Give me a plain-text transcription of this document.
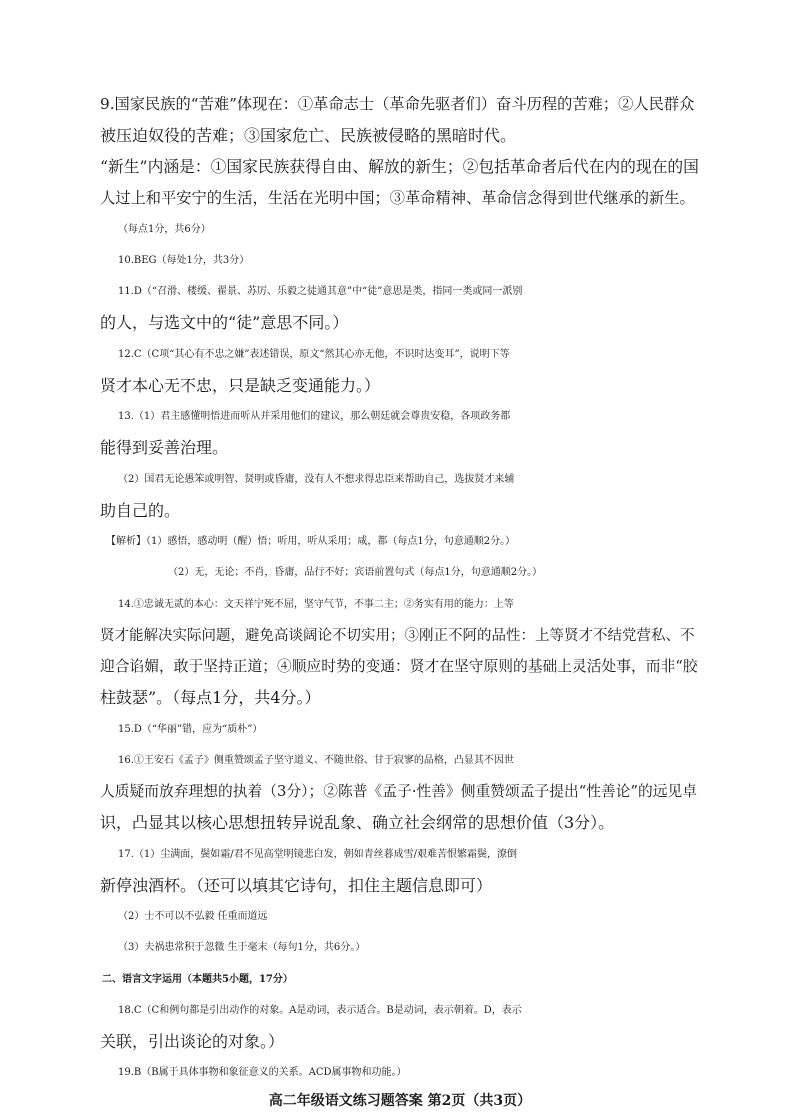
9.国家民族的“苦难”体现在：①革命志士（革命先驱者们）奋斗历程的苦难；②人民群众
被压迫奴役的苦难；③国家危亡、民族被侵略的黑暗时代。
“新生”内涵是：①国家民族获得自由、解放的新生；②包括革命者后代在内的现在的国
人过上和平安宁的生活，生活在光明中国；③革命精神、革命信念得到世代继承的新生。
（每点1分，共6分）
10.BEG（每处1分，共3分）
11.D（“召滑、楼缓、翟景、苏厉、乐毅之徒通其意”中“徒”意思是类，指同一类或同一派别
的人，与选文中的“徒”意思不同。）
12.C（C项“其心有不忠之嫌”表述错误，原文“然其心亦无他，不识时达变耳”，说明下等
贤才本心无不忠，只是缺乏变通能力。）
13.（1）君主感懂明悟进而听从并采用他们的建议，那么朝廷就会尊贵安稳，各项政务都
能得到妥善治理。
（2）国君无论愚笨或明智、贤明或昏庸，没有人不想求得忠臣来帮助自己，选拔贤才来辅
助自己的。
【解析】（1）感悟，感动明（醒）悟；听用，听从采用；咸，都（每点1分，句意通顺2分。）
（2）无，无论；不肖，昏庸，品行不好；宾语前置句式（每点1分，句意通顺2分。）
14.①忠诚无贰的本心：文天祥宁死不屈，坚守气节，不事二主；②务实有用的能力：上等
贤才能解决实际问题，避免高谈阔论不切实用；③刚正不阿的品性：上等贤才不结党营私、不
迎合谄媚，敢于坚持正道；④顺应时势的变通：贤才在坚守原则的基础上灵活处事，而非“胶
柱鼓瑟”。（每点1分，共4分。）
15.D（“华丽”错，应为“质朴”）
16.①王安石《孟子》侧重赞颂孟子坚守道义、不随世俗、甘于寂寥的品格，凸显其不因世
人质疑而放弃理想的执着（3分）；②陈普《孟子·性善》侧重赞颂孟子提出“性善论”的远见卓
识，凸显其以核心思想扭转异说乱象、确立社会纲常的思想价值（3分）。
17.（1）尘满面，鬓如霜/君不见高堂明镜悲白发，朝如青丝暮成雪/艰难苦恨繁霜鬓，潦倒
新停浊酒杯。（还可以填其它诗句，扣住主题信息即可）
（2）士不可以不弘毅 任重而道远
（3）夫祸患常积于忽微 生于毫末（每句1分，共6分。）
二、语言文字运用（本题共5小题，17分）
18.C（C和例句都是引出动作的对象。A是动词，表示适合。B是动词，表示朝着。D，表示
关联，引出谈论的对象。）
19.B（B属于具体事物和象征意义的关系。ACD属事物和功能。）
高二年级语文练习题答案 第2页（共3页）
